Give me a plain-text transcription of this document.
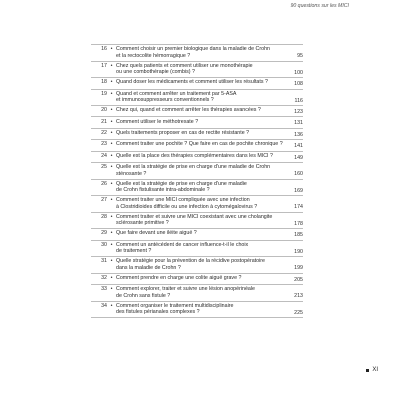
90 questions sur les MICI
16 • Comment choisir un premier biologique dans la maladie de Crohn
et la rectocolite hémorragique ?	95
17 • Chez quels patients et comment utiliser une monothérapie
ou une combothérapie (combis) ?	100
18 • Quand doser les médicaments et comment utiliser les résultats ?	108
19 • Quand et comment arrêter un traitement par 5-ASA
et immunosuppresseurs conventionnels ?	116
20 • Chez qui, quand et comment arrêter les thérapies avancées ?	123
21 • Comment utiliser le méthotrexate ?	131
22 • Quels traitements proposer en cas de rectite résistante ?	136
23 • Comment traiter une pochite ? Que faire en cas de pochite chronique ?	141
24 • Quelle est la place des thérapies complémentaires dans les MICI ?	149
25 • Quelle est la stratégie de prise en charge d'une maladie de Crohn
sténosante ?	160
26 • Quelle est la stratégie de prise en charge d'une maladie
de Crohn fistulisante intra-abdominale ?	169
27 • Comment traiter une MICI compliquée avec une infection
à Clostridioides difficile ou une infection à cytomégalovirus ?	174
28 • Comment traiter et suivre une MICI coexistant avec une cholangite
sclérosante primitive ?	178
29 • Que faire devant une iléite aiguë ?	185
30 • Comment un antécédent de cancer influence-t-il le choix
de traitement ?	190
31 • Quelle stratégie pour la prévention de la récidive postopératoire
dans la maladie de Crohn ?	199
32 • Comment prendre en charge une colite aiguë grave ?	205
33 • Comment explorer, traiter et suivre une lésion anopérinéale
de Crohn sans fistule ?	213
34 • Comment organiser le traitement multidisciplinaire
des fistules périanales complexes ?	225
XI
